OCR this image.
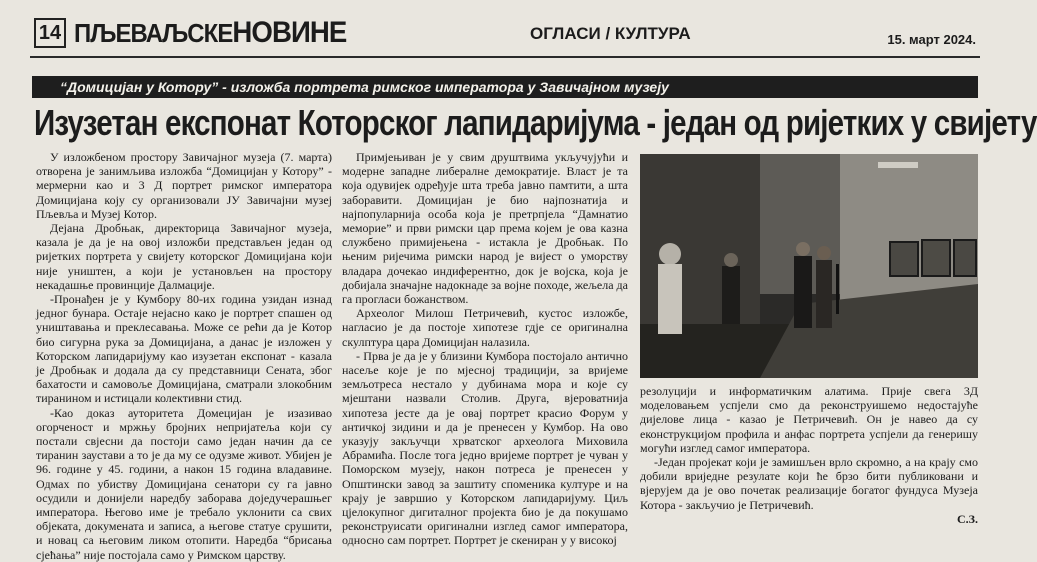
14 ПЉЕВАЉСКЕНОВИНЕ	ОГЛАСИ / КУЛТУРА	15. март 2024.
“Домицијан у Котору” - изложба портрета римског императора у Завичајном музеју
Изузетан експонат Которског лапидаријума - један од ријетких у свијету

У изложбеном простору Завичајног музеја (7. марта) отворена је занимљива изложба “Домицијан у Котору” - мермерни као и 3 Д портрет римског императора Домицијана коју су организовали ЈУ Завичајни музеј Пљевља и Музеј Котор.

Дејана Дробњак, директорица Завичајног музеја, казала је да је на овој изложби представљен један од ријетких портрета у свијету которског Домицијана који није уништен, а који је установљен на простору некадашње провинције Далмације.

-Пронађен је у Кумбору 80-их година узидан изнад једног бунара. Остаје нејасно како је портрет спашен од уништавања и преклесавања. Може се рећи да је Котор био сигурна рука за Домицијана, а данас је изложен у Которском лапидаријуму као изузетан експонат - казала је Дробњак и додала да су представници Сената, због бахатости и самовоље Домицијана, сматрали злокобним тиранином и истицали колективни стид.

-Као доказ ауторитета Домецијан је изазивао огорченост и мржњу бројних непријатеља који су постали свјесни да постоји само један начин да се тиранин заустави а то је да му се одузме живот. Убијен је 96. године у 45. години, а након 15 година владавине. Одмах по убиству Домицијана сенатори су га јавно осудили и донијели наредбу заборава доједучерашњег императора. Његово име је требало уклонити са свих објеката, докумената и записа, а његове статуе срушити, и новац са његовим ликом отопити. Наредба “брисања сјећања” није постојала само у Римском царству.

Примјењиван је у свим друштвима укључујући и модерне западне либералне демократије. Власт је та која одувијек одређује шта треба јавно памтити, а шта заборавити. Домицијан је био најпознатија и најпопуларнија особа која је претрпјела “Дамнатио меморие” и први римски цар према којем је ова казна службено примијењена - истакла је Дробњак. По њеним ријечима римски народ је вијест о уморству владара дочекао индиферентно, док је војска, која је добијала значајне надокнаде за војне походе, жељела да га прогласи божанством.

Археолог Милош Петричевић, кустос изложбе, нагласио је да постоје хипотезе гдје се оригинална скулптура цара Домицијан налазила.

- Прва је да је у близини Кумбора постојало антично насеље које је по мјесној традицији, за вријеме земљотреса нестало у дубинама мора и које су мјештани назвали Столив. Друга, вјероватнија хипотеза јесте да је овај портрет красио Форум у античкој зидини и да је пренесен у Кумбор. На ово указују закључци хрватског археолога Миховила Абрамића. После тога једно вријеме портрет је чуван у Поморском музеју, након потреса је пренесен у Општински завод за заштиту споменика културе и на крају је завршио у Которском лапидаријуму. Циљ цјелокупног дигиталног пројекта био је да покушамо реконструисати оригинални изглед самог императора, односно сам портрет. Портрет је скениран у у високој

резолуцији и информатичким алатима. Прије свега 3Д моделовањем успјели смо да реконструишемо недостајуће дијелове лица - казао је Петричевић. Он је навео да су еконструкцијом профила и анфас портрета успјели да генеришу могући изглед самог императора.

-Један пројекат који је замишљен врло скромно, а на крају смо добили вриједнe резулате који ће брзо бити публиковани и вјерујем да је ово почетак реализације богатог фундуса Музеја Котора - закључио је Петричевић.

С.З.
